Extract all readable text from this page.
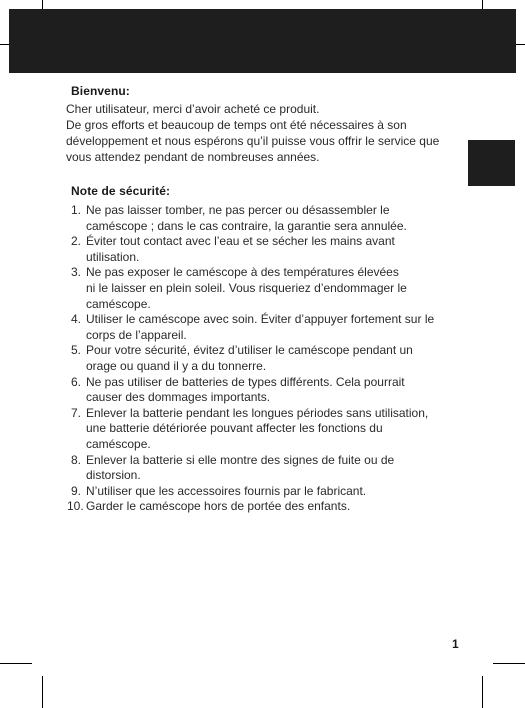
Bienvenu:

Cher utilisateur, merci d’avoir acheté ce produit.

De gros efforts et beaucoup de temps ont été nécessaires à son

développement et nous espérons qu’il puisse vous offrir le service que

vous attendez pendant de nombreuses années.

Note de sécurité:
1. Ne pas laisser tomber, ne pas percer ou désassembler le
caméscope ; dans le cas contraire, la garantie sera annulée.
2. Éviter tout contact avec l’eau et se sécher les mains avant
utilisation.
3. Ne pas exposer le caméscope à des températures élevées
ni le laisser en plein soleil. Vous risqueriez d’endommager le
caméscope.
4. Utiliser le caméscope avec soin. Éviter d’appuyer fortement sur le
corps de l’appareil.
5. Pour votre sécurité, évitez d’utiliser le caméscope pendant un
orage ou quand il y a du tonnerre.
6. Ne pas utiliser de batteries de types différents. Cela pourrait
causer des dommages importants.
7. Enlever la batterie pendant les longues périodes sans utilisation,
une batterie détériorée pouvant affecter les fonctions du
caméscope.
8. Enlever la batterie si elle montre des signes de fuite ou de
distorsion.
9. N’utiliser que les accessoires fournis par le fabricant.
10. Garder le caméscope hors de portée des enfants.
1
